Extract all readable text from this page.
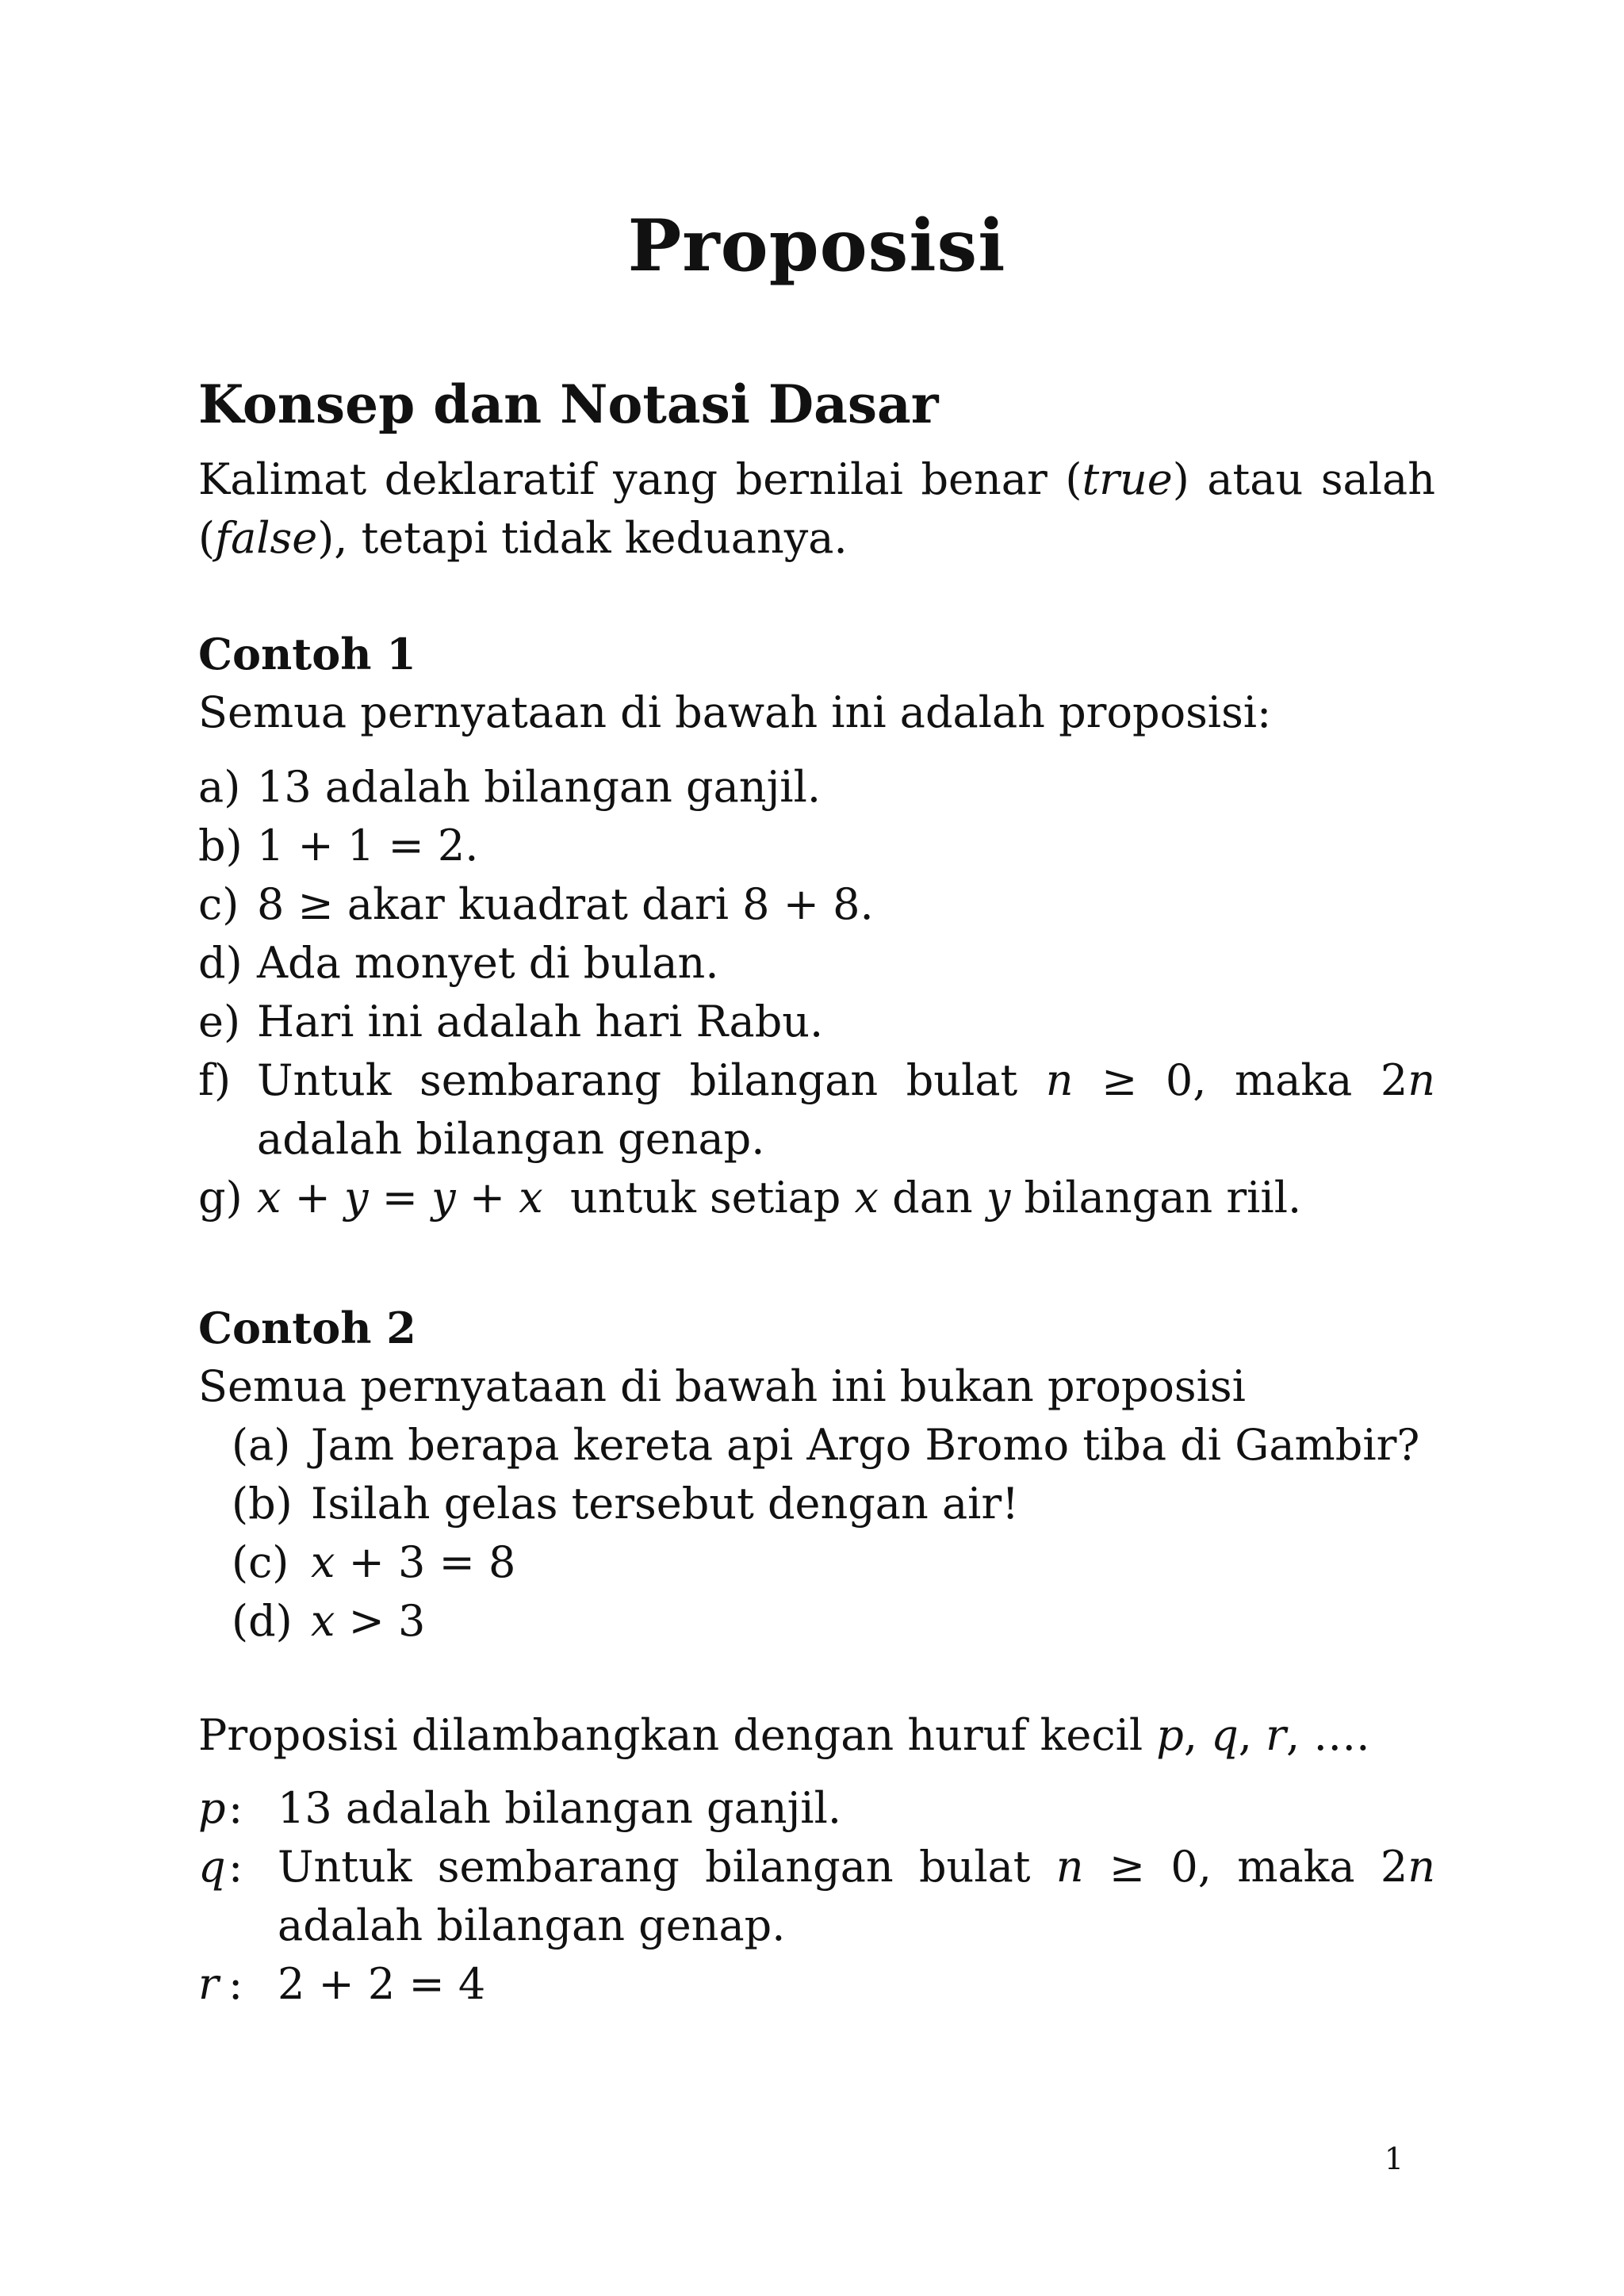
Proposisi
Konsep dan Notasi Dasar
Kalimat deklaratif yang bernilai benar (true) atau salah (false), tetapi tidak keduanya.
Contoh 1
Semua pernyataan di bawah ini adalah proposisi:
a) 13 adalah bilangan ganjil.
b) 1 + 1 = 2.
c) 8 ≥ akar kuadrat dari 8 + 8.
d) Ada monyet di bulan.
e) Hari ini adalah hari Rabu.
f) Untuk sembarang bilangan bulat n ≥ 0, maka 2n adalah bilangan genap.
g) x + y = y + x  untuk setiap x dan y bilangan riil.
Contoh 2
Semua pernyataan di bawah ini bukan proposisi
(a) Jam berapa kereta api Argo Bromo tiba di Gambir?
(b) Isilah gelas tersebut dengan air!
(c) x + 3 = 8
(d) x > 3
Proposisi dilambangkan dengan huruf kecil p, q, r, ….
p : 13 adalah bilangan ganjil.
q : Untuk sembarang bilangan bulat n ≥ 0, maka 2n adalah bilangan genap.
r : 2 + 2 = 4
1
